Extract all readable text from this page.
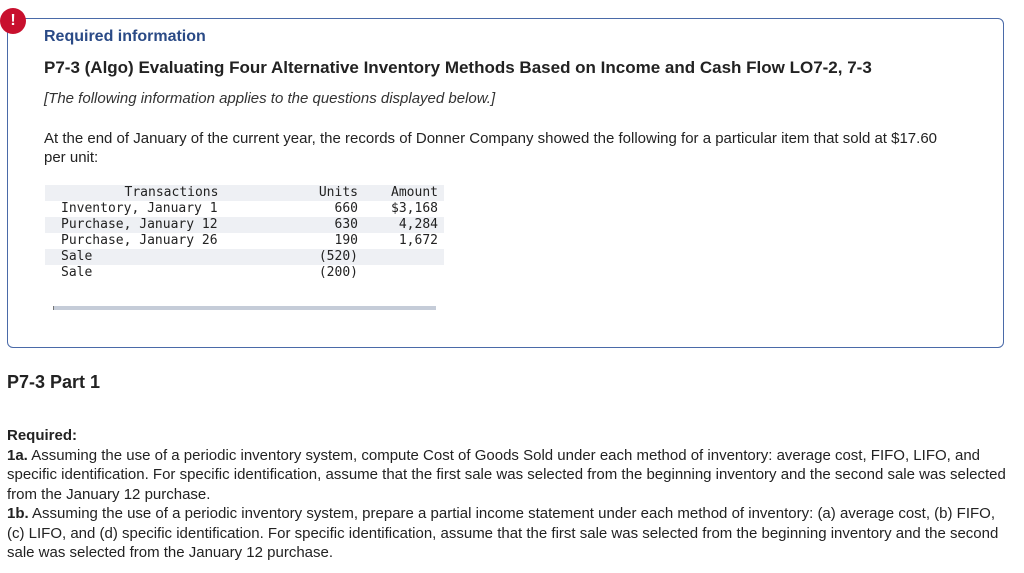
!
Required information
P7-3 (Algo) Evaluating Four Alternative Inventory Methods Based on Income and Cash Flow LO7-2, 7-3
[The following information applies to the questions displayed below.]
At the end of January of the current year, the records of Donner Company showed the following for a particular item that sold at $17.60 per unit:
Transactions	Units	Amount
Inventory, January 1	660	$3,168
Purchase, January 12	630	4,284
Purchase, January 26	190	1,672
Sale	(520)	
Sale	(200)	
P7-3 Part 1

Required:

1a. Assuming the use of a periodic inventory system, compute Cost of Goods Sold under each method of inventory: average cost, FIFO, LIFO, and specific identification. For specific identification, assume that the first sale was selected from the beginning inventory and the second sale was selected from the January 12 purchase.

1b. Assuming the use of a periodic inventory system, prepare a partial income statement under each method of inventory: (a) average cost, (b) FIFO, (c) LIFO, and (d) specific identification. For specific identification, assume that the first sale was selected from the beginning inventory and the second sale was selected from the January 12 purchase.
